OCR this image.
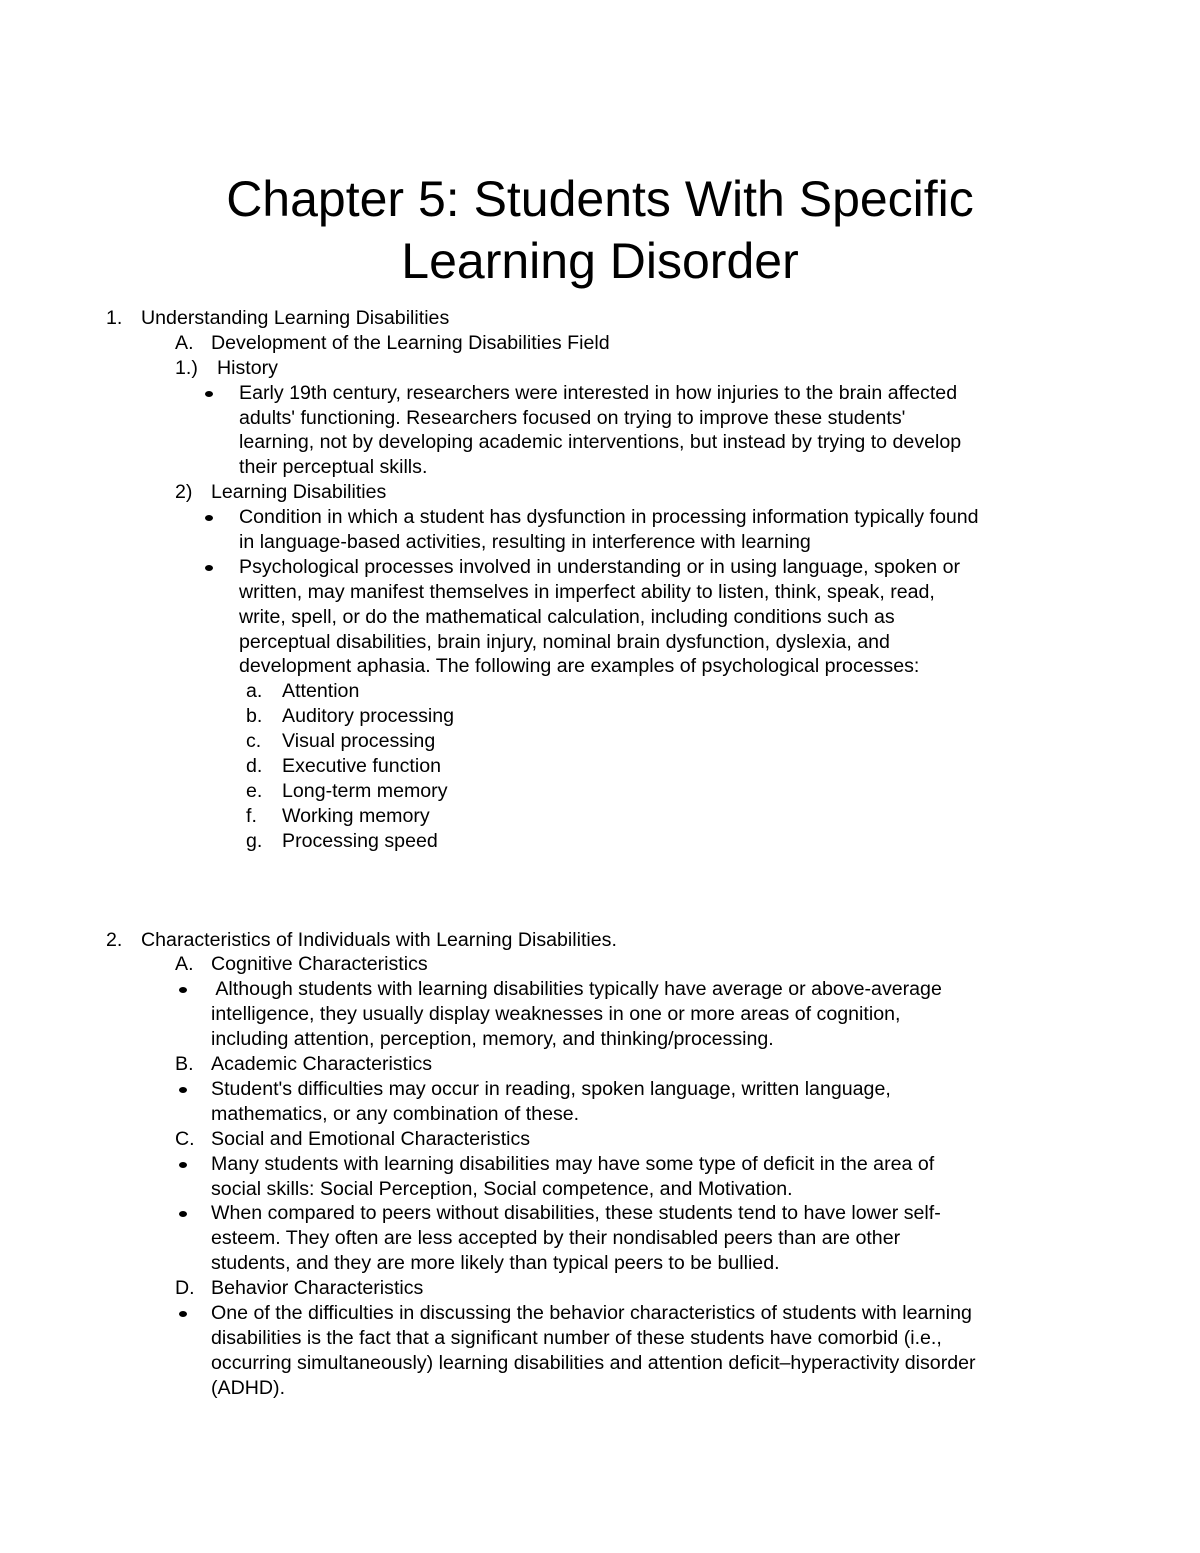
Chapter 5: Students With Specific
Learning Disorder
1. Understanding Learning Disabilities
A. Development of the Learning Disabilities Field
1.) History
Early 19th century, researchers were interested in how injuries to the brain affected
adults' functioning. Researchers focused on trying to improve these students'
learning, not by developing academic interventions, but instead by trying to develop
their perceptual skills.
2) Learning Disabilities
Condition in which a student has dysfunction in processing information typically found
in language-based activities, resulting in interference with learning
Psychological processes involved in understanding or in using language, spoken or
written, may manifest themselves in imperfect ability to listen, think, speak, read,
write, spell, or do the mathematical calculation, including conditions such as
perceptual disabilities, brain injury, nominal brain dysfunction, dyslexia, and
development aphasia. The following are examples of psychological processes:
a. Attention
b. Auditory processing
c. Visual processing
d. Executive function
e. Long-term memory
f. Working memory
g. Processing speed
2. Characteristics of Individuals with Learning Disabilities.
A. Cognitive Characteristics
Although students with learning disabilities typically have average or above-average
intelligence, they usually display weaknesses in one or more areas of cognition,
including attention, perception, memory, and thinking/processing.
B. Academic Characteristics
Student's difficulties may occur in reading, spoken language, written language,
mathematics, or any combination of these.
C. Social and Emotional Characteristics
Many students with learning disabilities may have some type of deficit in the area of
social skills: Social Perception, Social competence, and Motivation.
When compared to peers without disabilities, these students tend to have lower self-
esteem. They often are less accepted by their nondisabled peers than are other
students, and they are more likely than typical peers to be bullied.
D. Behavior Characteristics
One of the difficulties in discussing the behavior characteristics of students with learning
disabilities is the fact that a significant number of these students have comorbid (i.e.,
occurring simultaneously) learning disabilities and attention deficit–hyperactivity disorder
(ADHD).
